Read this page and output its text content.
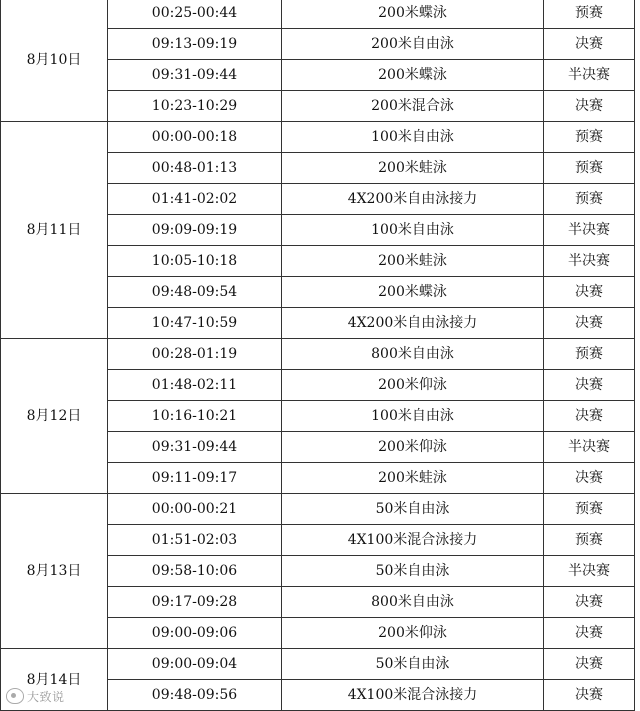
8月10日	00:25-00:44	200米蝶泳	预赛
	09:13-09:19	200米自由泳	决赛
	09:31-09:44	200米蝶泳	半决赛
	10:23-10:29	200米混合泳	决赛
8月11日	00:00-00:18	100米自由泳	预赛
	00:48-01:13	200米蛙泳	预赛
	01:41-02:02	4X200米自由泳接力	预赛
	09:09-09:19	100米自由泳	半决赛
	10:05-10:18	200米蛙泳	半决赛
	09:48-09:54	200米蝶泳	决赛
	10:47-10:59	4X200米自由泳接力	决赛
8月12日	00:28-01:19	800米自由泳	预赛
	01:48-02:11	200米仰泳	决赛
	10:16-10:21	100米自由泳	决赛
	09:31-09:44	200米仰泳	半决赛
	09:11-09:17	200米蛙泳	决赛
8月13日	00:00-00:21	50米自由泳	预赛
	01:51-02:03	4X100米混合泳接力	预赛
	09:58-10:06	50米自由泳	半决赛
	09:17-09:28	800米自由泳	决赛
	09:00-09:06	200米仰泳	决赛
8月14日	09:00-09:04	50米自由泳	决赛
	09:48-09:56	4X100米混合泳接力	决赛
大致说
